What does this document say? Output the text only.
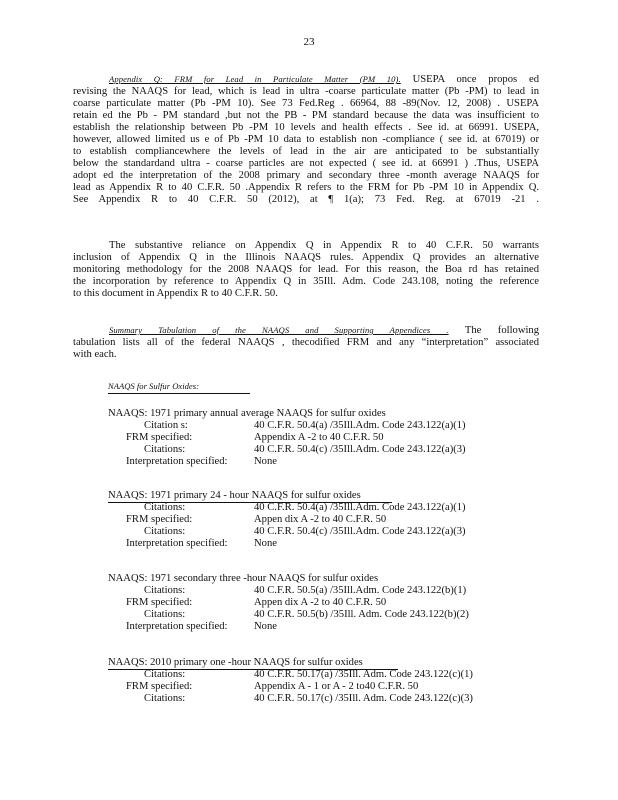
23
Appendix Q: FRM for Lead in Particulate Matter (PM 10). USEPA once propos ed
revising the NAAQS for lead, which is lead in ultra -coarse particulate matter (Pb -PM) to lead in
coarse particulate matter (Pb -PM 10). See 73 Fed.Reg . 66964, 88 -89(Nov. 12, 2008) . USEPA
retain ed the Pb - PM standard ,but not the PB - PM standard because the data was insufficient to
establish the relationship between Pb -PM 10 levels and health effects . See id. at 66991. USEPA,
however, allowed limited us e of Pb -PM 10 data to establish non -compliance ( see id. at 67019) or
to establish compliancewhere the levels of lead in the air are anticipated to be substantially
below the standardand ultra - coarse particles are not expected ( see id. at 66991 ) .Thus, USEPA
adopt ed the interpretation of the 2008 primary and secondary three -month average NAAQS for
lead as Appendix R to 40 C.F.R. 50 .Appendix R refers to the FRM for Pb -PM 10 in Appendix Q.
See Appendix R to 40 C.F.R. 50 (2012), at ¶ 1(a); 73 Fed. Reg. at 67019 -21 .
The substantive reliance on Appendix Q in Appendix R to 40 C.F.R. 50 warrants
inclusion of Appendix Q in the Illinois NAAQS rules. Appendix Q provides an alternative
monitoring methodology for the 2008 NAAQS for lead. For this reason, the Boa rd has retained
the incorporation by reference to Appendix Q in 35Ill. Adm. Code 243.108, noting the reference
to this document in Appendix R to 40 C.F.R. 50.
Summary Tabulation of the NAAQS and Supporting Appendices . The following
tabulation lists all of the federal NAAQS , thecodified FRM and any “interpretation” associated
with each.
NAAQS for Sulfur Oxides:
NAAQS: 1971 primary annual average NAAQS for sulfur oxides
Citation s:	40 C.F.R. 50.4(a) /35Ill.Adm. Code 243.122(a)(1)
FRM specified:	Appendix A -2 to 40 C.F.R. 50
Citations:	40 C.F.R. 50.4(c) /35Ill.Adm. Code 243.122(a)(3)
Interpretation specified:	None
NAAQS: 1971 primary 24 - hour NAAQS for sulfur oxides
Citations:	40 C.F.R. 50.4(a) /35Ill.Adm. Code 243.122(a)(1)
FRM specified:	Appen dix A -2 to 40 C.F.R. 50
Citations:	40 C.F.R. 50.4(c) /35Ill.Adm. Code 243.122(a)(3)
Interpretation specified:	None
NAAQS: 1971 secondary three -hour NAAQS for sulfur oxides
Citations:	40 C.F.R. 50.5(a) /35Ill.Adm. Code 243.122(b)(1)
FRM specified:	Appen dix A -2 to 40 C.F.R. 50
Citations:	40 C.F.R. 50.5(b) /35Ill. Adm. Code 243.122(b)(2)
Interpretation specified:	None
NAAQS: 2010 primary one -hour NAAQS for sulfur oxides
Citations:	40 C.F.R. 50.17(a) /35Ill. Adm. Code 243.122(c)(1)
FRM specified:	Appendix A - 1 or A - 2 to40 C.F.R. 50
Citations:	40 C.F.R. 50.17(c) /35Ill. Adm. Code 243.122(c)(3)
